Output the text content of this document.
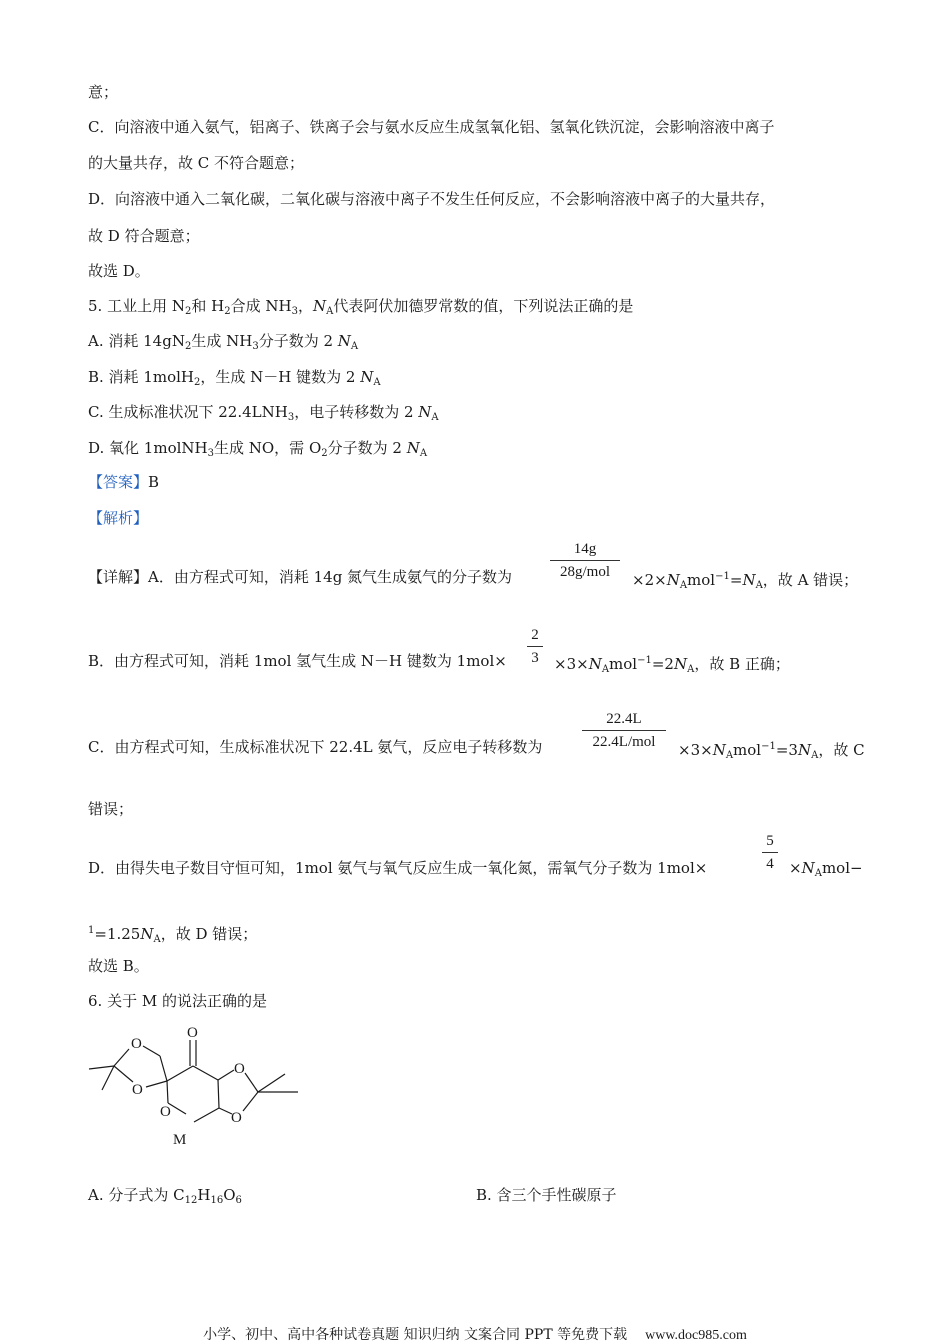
意；
C．向溶液中通入氨气，铝离子、铁离子会与氨水反应生成氢氧化铝、氢氧化铁沉淀，会影响溶液中离子
的大量共存，故 C 不符合题意；
D．向溶液中通入二氧化碳，二氧化碳与溶液中离子不发生任何反应，不会影响溶液中离子的大量共存，
故 D 符合题意；
故选 D。
5. 工业上用 $N_2$和 $H_2$合成 $NH_3$，$N_A$代表阿伏加德罗常数的值，下列说法正确的是
A. 消耗 $14gN_2$生成 $NH_3$分子数为 2 $N_A$
B. 消耗 1molH$_2$，生成 N－H 键数为 2 $N_A$
C. 生成标准状况下 $22.4LNH_3$，电子转移数为 2 $N_A$
D. 氧化 1molNH$_3$生成 NO，需 $O_2$分子数为 2 $N_A$
【答案】B
【解析】
【详解】A．由方程式可知，消耗 14g 氮气生成氨气的分子数为
14g
28g/mol	$\times 2\times N_Amol^{-1}=N_A$，故 A 错误；
B．由方程式可知，消耗 1mol 氢气生成 N－H 键数为 1mol×
2
$3 \times 3\times N_Amol^{-1}=2N_A$，故 B 正确；
C．由方程式可知，生成标准状况下 22.4L 氨气，反应电子转移数为
22.4L
22.4L/mol	$\times 3\times N_Amol^{-1}=3N_A$，故 C
错误；
D．由得失电子数目守恒可知，1mol 氨气与氧气反应生成一氧化氮，需氧气分子数为 1mol×
5
$4 \times N_Amol-$
$^1=1.25N_A$，故 D 错误；
故选 B。
6. 关于 M 的说法正确的是
O
O
O
O
O
O
M
A. 分子式为 $C_{12}H_{16}O_6$	B. 含三个手性碳原子
小学、初中、高中各种试卷真题 知识归纳 文案合同 PPT 等免费下载 www.doc985.com
